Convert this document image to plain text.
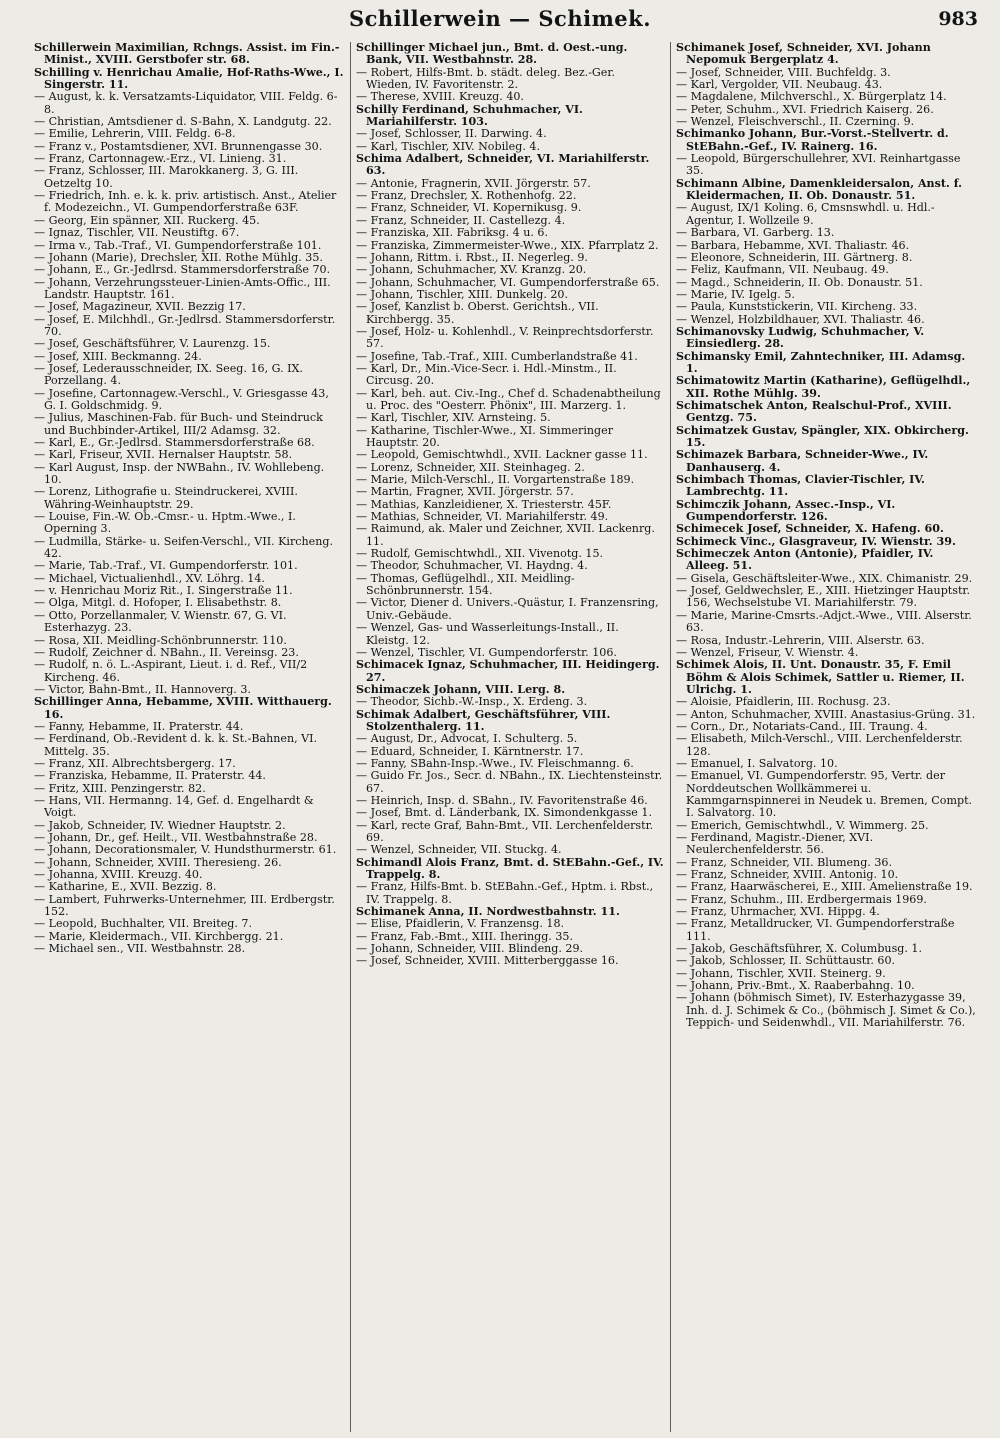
Schillerwein — Schimek.	983

Schillerwein Maximilian, Rchngs. Assist. im Fin.-Minist., XVIII. Gerstbofer str. 68.

Schilling v. Henrichau Amalie, Hof-Raths-Wwe., I. Singerstr. 11.

— August, k. k. Versatzamts-Liquidator, VIII. Feldg. 6-8.

— Christian, Amtsdiener d. S-Bahn, X. Landgutg. 22.

— Emilie, Lehrerin, VIII. Feldg. 6-8.

— Franz v., Postamtsdiener, XVI. Brunnengasse 30.

— Franz, Cartonnagew.-Erz., VI. Linieng. 31.

— Franz, Schlosser, III. Marokkanerg. 3, G. III. Oetzeltg 10.

— Friedrich, Inh. e. k. k. priv. artistisch. Anst., Atelier f. Modezeichn., VI. Gumpendorferstraße 63F.

— Georg, Ein spänner, XII. Ruckerg. 45.

— Ignaz, Tischler, VII. Neustiftg. 67.

— Irma v., Tab.-Traf., VI. Gumpendorferstraße 101.

— Johann (Marie), Drechsler, XII. Rothe Mühlg. 35.

— Johann, E., Gr.-Jedlrsd. Stammersdorferstraße 70.

— Johann, Verzehrungssteuer-Linien-Amts-Offic., III. Landstr. Hauptstr. 161.

— Josef, Magazineur, XVII. Bezzig 17.

— Josef, E. Milchhdl., Gr.-Jedlrsd. Stammersdorferstr. 70.

— Josef, Geschäftsführer, V. Laurenzg. 15.

— Josef, XIII. Beckmanng. 24.

— Josef, Lederausschneider, IX. Seeg. 16, G. IX. Porzellang. 4.

— Josefine, Cartonnagew.-Verschl., V. Griesgasse 43, G. I. Goldschmidg. 9.

— Julius, Maschinen-Fab. für Buch- und Steindruck und Buchbinder-Artikel, III/2 Adamsg. 32.

— Karl, E., Gr.-Jedlrsd. Stammersdorferstraße 68.

— Karl, Friseur, XVII. Hernalser Hauptstr. 58.

— Karl August, Insp. der NWBahn., IV. Wohllebeng. 10.

— Lorenz, Lithografie u. Steindruckerei, XVIII. Währing-Weinhauptstr. 29.

— Louise, Fin.-W. Ob.-Cmsr.- u. Hptm.-Wwe., I. Operning 3.

— Ludmilla, Stärke- u. Seifen-Verschl., VII. Kircheng. 42.

— Marie, Tab.-Traf., VI. Gumpendorferstr. 101.

— Michael, Victualienhdl., XV. Löhrg. 14.

— v. Henrichau Moriz Rit., I. Singerstraße 11.

— Olga, Mitgl. d. Hofoper, I. Elisabethstr. 8.

— Otto, Porzellanmaler, V. Wienstr. 67, G. VI. Esterhazyg. 23.

— Rosa, XII. Meidling-Schönbrunnerstr. 110.

— Rudolf, Zeichner d. NBahn., II. Vereinsg. 23.

— Rudolf, n. ö. L.-Aspirant, Lieut. i. d. Ref., VII/2 Kircheng. 46.

— Victor, Bahn-Bmt., II. Hannoverg. 3.

Schillinger Anna, Hebamme, XVIII. Witthauerg. 16.

— Fanny, Hebamme, II. Praterstr. 44.

— Ferdinand, Ob.-Revident d. k. k. St.-Bahnen, VI. Mittelg. 35.

— Franz, XII. Albrechtsbergerg. 17.

— Franziska, Hebamme, II. Praterstr. 44.

— Fritz, XIII. Penzingerstr. 82.

— Hans, VII. Hermanng. 14, Gef. d. Engelhardt & Voigt.

— Jakob, Schneider, IV. Wiedner Hauptstr. 2.

— Johann, Dr., gef. Heilt., VII. Westbahnstraße 28.

— Johann, Decorationsmaler, V. Hundsthurmerstr. 61.

— Johann, Schneider, XVIII. Theresieng. 26.

— Johanna, XVIII. Kreuzg. 40.

— Katharine, E., XVII. Bezzig. 8.

— Lambert, Fuhrwerks-Unternehmer, III. Erdbergstr. 152.

— Leopold, Buchhalter, VII. Breiteg. 7.

— Marie, Kleidermach., VII. Kirchbergg. 21.

— Michael sen., VII. Westbahnstr. 28.

Schillinger Michael jun., Bmt. d. Oest.-ung. Bank, VII. Westbahnstr. 28.

— Robert, Hilfs-Bmt. b. städt. deleg. Bez.-Ger. Wieden, IV. Favoritenstr. 2.

— Therese, XVIII. Kreuzg. 40.

Schilly Ferdinand, Schuhmacher, VI. Mariahilferstr. 103.

— Josef, Schlosser, II. Darwing. 4.

— Karl, Tischler, XIV. Nobileg. 4.

Schima Adalbert, Schneider, VI. Mariahilferstr. 63.

— Antonie, Fragnerin, XVII. Jörgerstr. 57.

— Franz, Drechsler, X. Rothenhofg. 22.

— Franz, Schneider, VI. Kopernikusg. 9.

— Franz, Schneider, II. Castellezg. 4.

— Franziska, XII. Fabriksg. 4 u. 6.

— Franziska, Zimmermeister-Wwe., XIX. Pfarrplatz 2.

— Johann, Rittm. i. Rbst., II. Negerleg. 9.

— Johann, Schuhmacher, XV. Kranzg. 20.

— Johann, Schuhmacher, VI. Gumpendorferstraße 65.

— Johann, Tischler, XIII. Dunkelg. 20.

— Josef, Kanzlist b. Oberst. Gerichtsh., VII. Kirchbergg. 35.

— Josef, Holz- u. Kohlenhdl., V. Reinprechtsdorferstr. 57.

— Josefine, Tab.-Traf., XIII. Cumberlandstraße 41.

— Karl, Dr., Min.-Vice-Secr. i. Hdl.-Minstm., II. Circusg. 20.

— Karl, beh. aut. Civ.-Ing., Chef d. Schadenabtheilung u. Proc. des "Oesterr. Phönix", III. Marzerg. 1.

— Karl, Tischler, XIV. Arnsteing. 5.

— Katharine, Tischler-Wwe., XI. Simmeringer Hauptstr. 20.

— Leopold, Gemischtwhdl., XVII. Lackner gasse 11.

— Lorenz, Schneider, XII. Steinhageg. 2.

— Marie, Milch-Verschl., II. Vorgartenstraße 189.

— Martin, Fragner, XVII. Jörgerstr. 57.

— Mathias, Kanzleidiener, X. Triesterstr. 45F.

— Mathias, Schneider, VI. Mariahilferstr. 49.

— Raimund, ak. Maler und Zeichner, XVII. Lackenrg. 11.

— Rudolf, Gemischtwhdl., XII. Vivenotg. 15.

— Theodor, Schuhmacher, VI. Haydng. 4.

— Thomas, Geflügelhdl., XII. Meidling-Schönbrunnerstr. 154.

— Victor, Diener d. Univers.-Quästur, I. Franzensring, Univ.-Gebäude.

— Wenzel, Gas- und Wasserleitungs-Install., II. Kleistg. 12.

— Wenzel, Tischler, VI. Gumpendorferstr. 106.

Schimacek Ignaz, Schuhmacher, III. Heidingerg. 27.

Schimaczek Johann, VIII. Lerg. 8.

— Theodor, Sichb.-W.-Insp., X. Erdeng. 3.

Schimak Adalbert, Geschäftsführer, VIII. Stolzenthalerg. 11.

— August, Dr., Advocat, I. Schulterg. 5.

— Eduard, Schneider, I. Kärntnerstr. 17.

— Fanny, SBahn-Insp.-Wwe., IV. Fleischmanng. 6.

— Guido Fr. Jos., Secr. d. NBahn., IX. Liechtensteinstr. 67.

— Heinrich, Insp. d. SBahn., IV. Favoritenstraße 46.

— Josef, Bmt. d. Länderbank, IX. Simondenkgasse 1.

— Karl, recte Graf, Bahn-Bmt., VII. Lerchenfelderstr. 69.

— Wenzel, Schneider, VII. Stuckg. 4.

Schimandl Alois Franz, Bmt. d. StEBahn.-Gef., IV. Trappelg. 8.

— Franz, Hilfs-Bmt. b. StEBahn.-Gef., Hptm. i. Rbst., IV. Trappelg. 8.

Schimanek Anna, II. Nordwestbahnstr. 11.

— Elise, Pfaidlerin, V. Franzensg. 18.

— Franz, Fab.-Bmt., XIII. Iheringg. 35.

— Johann, Schneider, VIII. Blindeng. 29.

— Josef, Schneider, XVIII. Mitterberggasse 16.

Schimanek Josef, Schneider, XVI. Johann Nepomuk Bergerplatz 4.

— Josef, Schneider, VIII. Buchfeldg. 3.

— Karl, Vergolder, VII. Neubaug. 43.

— Magdalene, Milchverschl., X. Bürgerplatz 14.

— Peter, Schuhm., XVI. Friedrich Kaiserg. 26.

— Wenzel, Fleischverschl., II. Czerning. 9.

Schimanko Johann, Bur.-Vorst.-Stellvertr. d. StEBahn.-Gef., IV. Rainerg. 16.

— Leopold, Bürgerschullehrer, XVI. Reinhartgasse 35.

Schimann Albine, Damenkleidersalon, Anst. f. Kleidermachen, II. Ob. Donaustr. 51.

— August, IX/1 Koling. 6, Cmsnswhdl. u. Hdl.-Agentur, I. Wollzeile 9.

— Barbara, VI. Garberg. 13.

— Barbara, Hebamme, XVI. Thaliastr. 46.

— Eleonore, Schneiderin, III. Gärtnerg. 8.

— Feliz, Kaufmann, VII. Neubaug. 49.

— Magd., Schneiderin, II. Ob. Donaustr. 51.

— Marie, IV. Igelg. 5.

— Paula, Kunststickerin, VII. Kircheng. 33.

— Wenzel, Holzbildhauer, XVI. Thaliastr. 46.

Schimanovsky Ludwig, Schuhmacher, V. Einsiedlerg. 28.

Schimansky Emil, Zahntechniker, III. Adamsg. 1.

Schimatowitz Martin (Katharine), Geflügelhdl., XII. Rothe Mühlg. 39.

Schimatschek Anton, Realschul-Prof., XVIII. Gentzg. 75.

Schimatzek Gustav, Spängler, XIX. Obkircherg. 15.

Schimazek Barbara, Schneider-Wwe., IV. Danhauserg. 4.

Schimbach Thomas, Clavier-Tischler, IV. Lambrechtg. 11.

Schimczik Johann, Assec.-Insp., VI. Gumpendorferstr. 126.

Schimecek Josef, Schneider, X. Hafeng. 60.

Schimeck Vinc., Glasgraveur, IV. Wienstr. 39.

Schimeczek Anton (Antonie), Pfaidler, IV. Alleeg. 51.

— Gisela, Geschäftsleiter-Wwe., XIX. Chimanistr. 29.

— Josef, Geldwechsler, E., XIII. Hietzinger Hauptstr. 156, Wechselstube VI. Mariahilferstr. 79.

— Marie, Marine-Cmsrts.-Adjct.-Wwe., VIII. Alserstr. 63.

— Rosa, Industr.-Lehrerin, VIII. Alserstr. 63.

— Wenzel, Friseur, V. Wienstr. 4.

Schimek Alois, II. Unt. Donaustr. 35, F. Emil Böhm & Alois Schimek, Sattler u. Riemer, II. Ulrichg. 1.

— Aloisie, Pfaidlerin, III. Rochusg. 23.

— Anton, Schuhmacher, XVIII. Anastasius-Grüng. 31.

— Corn., Dr., Notariats-Cand., III. Traung. 4.

— Elisabeth, Milch-Verschl., VIII. Lerchenfelderstr. 128.

— Emanuel, I. Salvatorg. 10.

— Emanuel, VI. Gumpendorferstr. 95, Vertr. der Norddeutschen Wollkämmerei u. Kammgarnspinnerei in Neudek u. Bremen, Compt. I. Salvatorg. 10.

— Emerich, Gemischtwhdl., V. Wimmerg. 25.

— Ferdinand, Magistr.-Diener, XVI. Neulerchenfelderstr. 56.

— Franz, Schneider, VII. Blumeng. 36.

— Franz, Schneider, XVIII. Antonig. 10.

— Franz, Haarwäscherei, E., XIII. Amelienstraße 19.

— Franz, Schuhm., III. Erdbergermais 1969.

— Franz, Uhrmacher, XVI. Hippg. 4.

— Franz, Metalldrucker, VI. Gumpendorferstraße 111.

— Jakob, Geschäftsführer, X. Columbusg. 1.

— Jakob, Schlosser, II. Schüttaustr. 60.

— Johann, Tischler, XVII. Steinerg. 9.

— Johann, Priv.-Bmt., X. Raaberbahng. 10.

— Johann (böhmisch Simet), IV. Esterhazygasse 39, Inh. d. J. Schimek & Co., (böhmisch J. Simet & Co.), Teppich- und Seidenwhdl., VII. Mariahilferstr. 76.
